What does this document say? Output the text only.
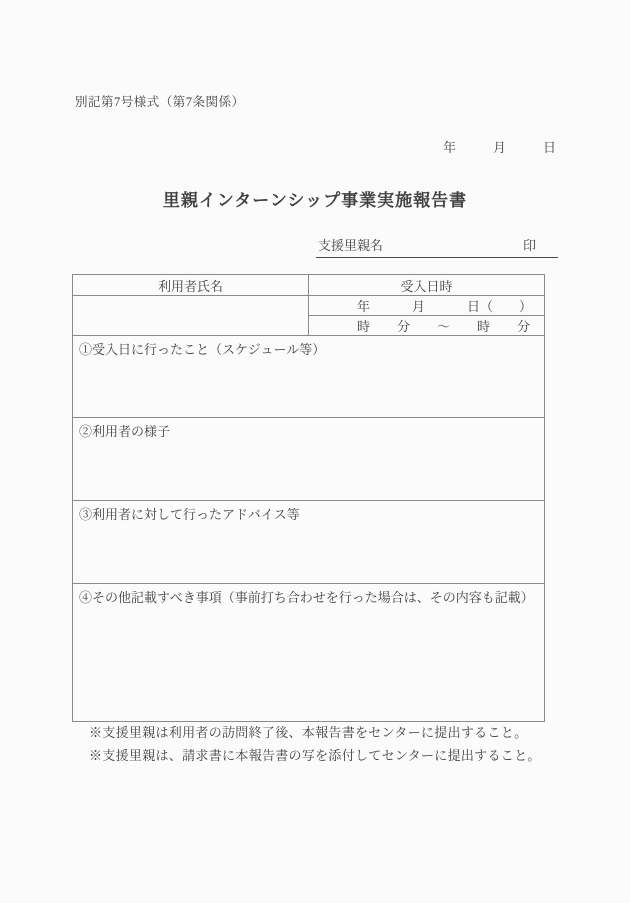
別記第7号様式（第7条関係）
年	月	日
里親インターンシップ事業実施報告書
支援里親名	印
利用者氏名	受入日時

	年 月 日（　　）

	時 分 ～ 時 分

①受入日に行ったこと（スケジュール等）	
②利用者の様子	
③利用者に対して行ったアドバイス等	
④その他記載すべき事項（事前打ち合わせを行った場合は、その内容も記載）	
※支援里親は利用者の訪問終了後、本報告書をセンターに提出すること。
※支援里親は、請求書に本報告書の写を添付してセンターに提出すること。
